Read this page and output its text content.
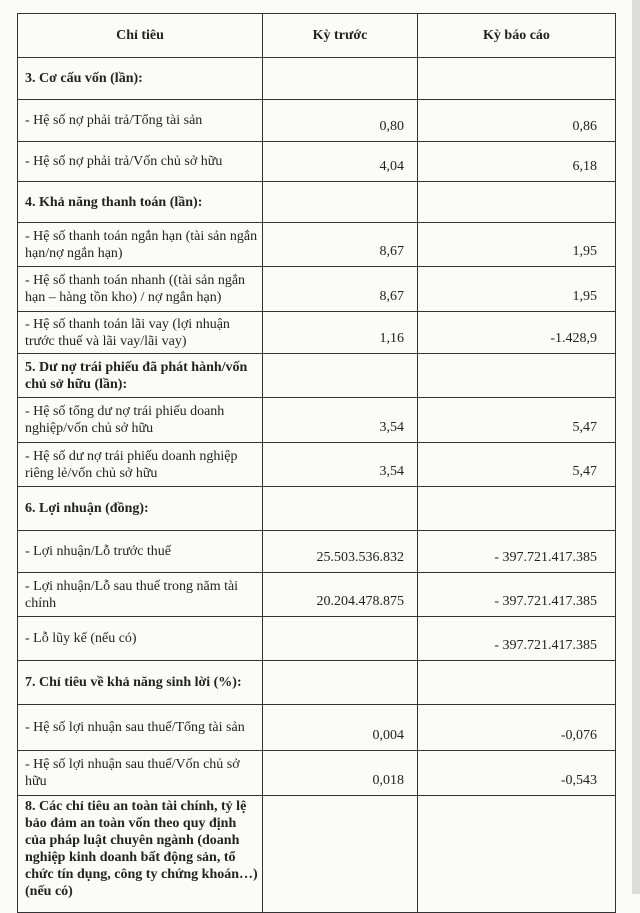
Chỉ tiêu	Kỳ trước	Kỳ báo cáo
3. Cơ cấu vốn (lần):		
- Hệ số nợ phải trả/Tổng tài sản	0,80	0,86
- Hệ số nợ phải trả/Vốn chủ sở hữu	4,04	6,18
4. Khả năng thanh toán (lần):		
- Hệ số thanh toán ngắn hạn (tài sản ngắn hạn/nợ ngắn hạn)	8,67	1,95
- Hệ số thanh toán nhanh ((tài sản ngắn hạn – hàng tồn kho) / nợ ngắn hạn)	8,67	1,95
- Hệ số thanh toán lãi vay (lợi nhuận trước thuế và lãi vay/lãi vay)	1,16	-1.428,9
5. Dư nợ trái phiếu đã phát hành/vốn chủ sở hữu (lần):		
- Hệ số tổng dư nợ trái phiếu doanh nghiệp/vốn chủ sở hữu	3,54	5,47
- Hệ số dư nợ trái phiếu doanh nghiệp riêng lẻ/vốn chủ sở hữu	3,54	5,47
6. Lợi nhuận (đồng):		
- Lợi nhuận/Lỗ trước thuế	25.503.536.832	- 397.721.417.385
- Lợi nhuận/Lỗ sau thuế trong năm tài chính	20.204.478.875	- 397.721.417.385
- Lỗ lũy kế (nếu có)		- 397.721.417.385
7. Chỉ tiêu về khả năng sinh lời (%):		
- Hệ số lợi nhuận sau thuế/Tổng tài sản	0,004	-0,076
- Hệ số lợi nhuận sau thuế/Vốn chủ sở hữu	0,018	-0,543
8. Các chỉ tiêu an toàn tài chính, tỷ lệ bảo đảm an toàn vốn theo quy định của pháp luật chuyên ngành (doanh nghiệp kinh doanh bất động sản, tổ chức tín dụng, công ty chứng khoán…) (nếu có)		
